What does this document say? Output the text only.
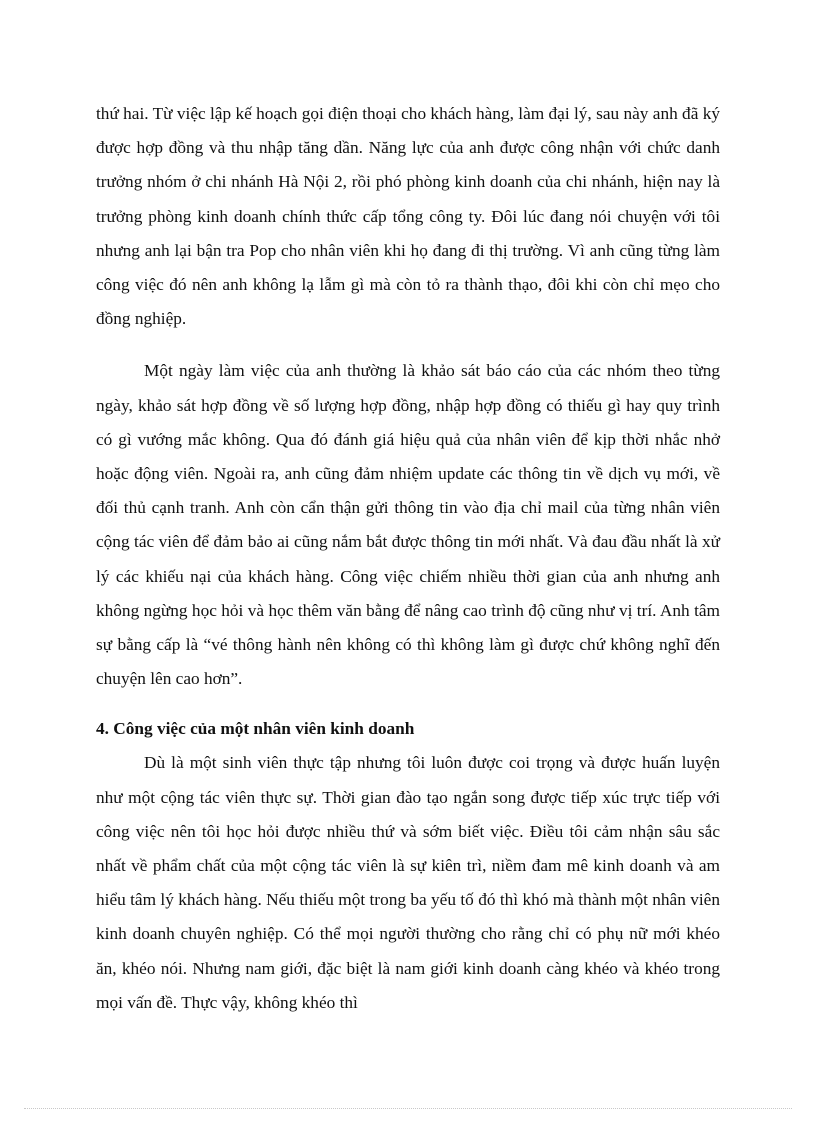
thứ hai. Từ việc lập kế hoạch gọi điện thoại cho khách hàng, làm đại lý, sau này anh đã ký được hợp đồng và thu nhập tăng dần. Năng lực của anh được công nhận với chức danh trưởng nhóm ở chi nhánh Hà Nội 2, rồi phó phòng kinh doanh của chi nhánh, hiện nay là trưởng phòng kinh doanh chính thức cấp tổng công ty. Đôi lúc đang nói chuyện với tôi nhưng anh lại bận tra Pop cho nhân viên khi họ đang đi thị trường. Vì anh cũng từng làm công việc đó nên anh không lạ lẫm gì mà còn tỏ ra thành thạo, đôi khi còn chỉ mẹo cho đồng nghiệp.

Một ngày làm việc của anh thường là khảo sát báo cáo của các nhóm theo từng ngày, khảo sát hợp đồng về số lượng hợp đồng, nhập hợp đồng có thiếu gì hay quy trình có gì vướng mắc không. Qua đó đánh giá hiệu quả của nhân viên để kịp thời nhắc nhở hoặc động viên. Ngoài ra, anh cũng đảm nhiệm update các thông tin về dịch vụ mới, về đối thủ cạnh tranh. Anh còn cẩn thận gửi thông tin vào địa chỉ mail của từng nhân viên cộng tác viên để đảm bảo ai cũng nắm bắt được thông tin mới nhất. Và đau đầu nhất là xử lý các khiếu nại của khách hàng. Công việc chiếm nhiều thời gian của anh nhưng anh không ngừng học hỏi và học thêm văn bằng để nâng cao trình độ cũng như vị trí. Anh tâm sự bằng cấp là “vé thông hành nên không có thì không làm gì được chứ không nghĩ đến chuyện lên cao hơn”.

4. Công việc của một nhân viên kinh doanh

Dù là một sinh viên thực tập nhưng tôi luôn được coi trọng và được huấn luyện như một cộng tác viên thực sự. Thời gian đào tạo ngắn song được tiếp xúc trực tiếp với công việc nên tôi học hỏi được nhiều thứ và sớm biết việc. Điều tôi cảm nhận sâu sắc nhất về phẩm chất của một cộng tác viên là sự kiên trì, niềm đam mê kinh doanh và am hiểu tâm lý khách hàng. Nếu thiếu một trong ba yếu tố đó thì khó mà thành một nhân viên kinh doanh chuyên nghiệp. Có thể mọi người thường cho rằng chỉ có phụ nữ mới khéo ăn, khéo nói. Nhưng nam giới, đặc biệt là nam giới kinh doanh càng khéo và khéo trong mọi vấn đề. Thực vậy, không khéo thì
